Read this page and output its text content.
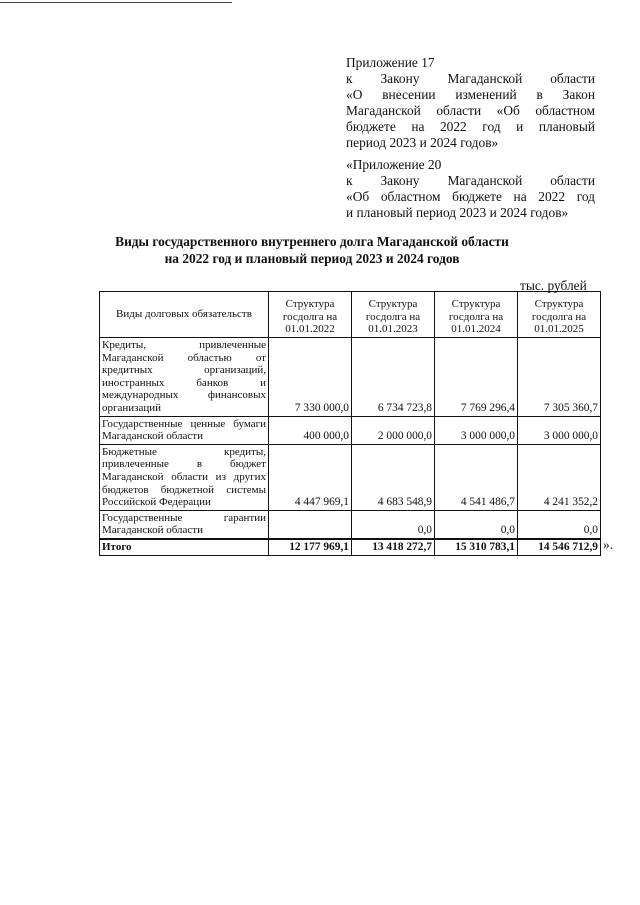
Приложение 17

к Закону Магаданской области

«О внесении изменений в Закон

Магаданской области «Об областном

бюджете на 2022 год и плановый

период 2023 и 2024 годов»

«Приложение 20

к Закону Магаданской области

«Об областном бюджете на 2022 год

и плановый период 2023 и 2024 годов»

Виды государственного внутреннего долга Магаданской области
на 2022 год и плановый период 2023 и 2024 годов
тыс. рублей
Виды долговых обязательств	Структура госдолга на 01.01.2022	Структура госдолга на 01.01.2023	Структура госдолга на 01.01.2024	Структура госдолга на 01.01.2025
Кредиты, привлеченные Магаданской областью от кредитных организаций, иностранных банков и международных финансовых организаций	7 330 000,0	6 734 723,8	7 769 296,4	7 305 360,7
Государственные ценные бумаги Магаданской области	400 000,0	2 000 000,0	3 000 000,0	3 000 000,0
Бюджетные кредиты, привлеченные в бюджет Магаданской области из других бюджетов бюджетной системы Российской Федерации	4 447 969,1	4 683 548,9	4 541 486,7	4 241 352,2
Государственные гарантии Магаданской области		0,0	0,0	0,0
Итого	12 177 969,1	13 418 272,7	15 310 783,1	14 546 712,9 ».
